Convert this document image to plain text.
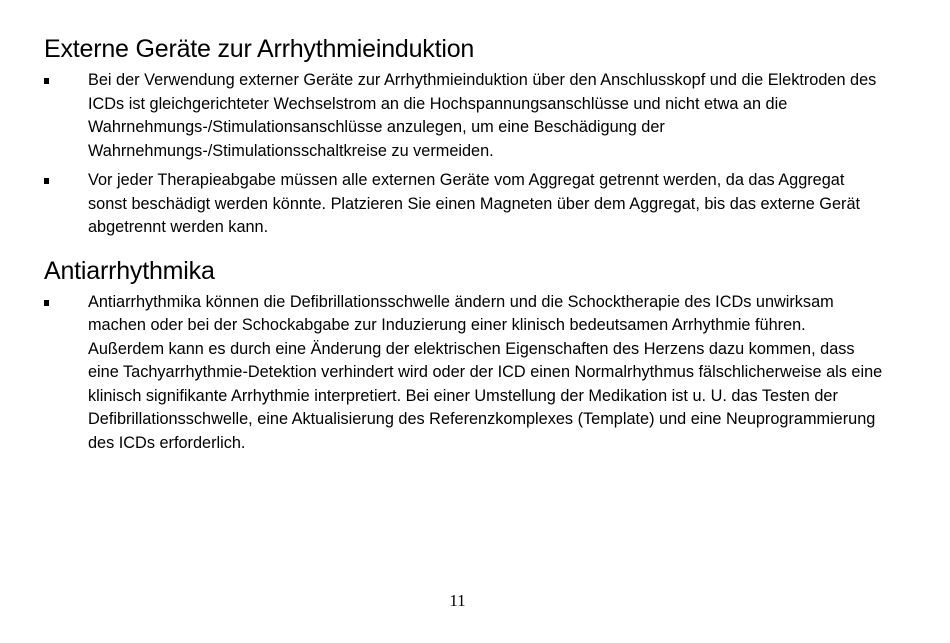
Externe Geräte zur Arrhythmieinduktion
Bei der Verwendung externer Geräte zur Arrhythmieinduktion über den Anschlusskopf und die Elektroden des ICDs ist gleichgerichteter Wechselstrom an die Hochspannungsanschlüsse und nicht etwa an die Wahrnehmungs-/Stimulationsanschlüsse anzulegen, um eine Beschädigung der Wahrnehmungs-/Stimulationsschaltkreise zu vermeiden.
Vor jeder Therapieabgabe müssen alle externen Geräte vom Aggregat getrennt werden, da das Aggregat sonst beschädigt werden könnte. Platzieren Sie einen Magneten über dem Aggregat, bis das externe Gerät abgetrennt werden kann.
Antiarrhythmika
Antiarrhythmika können die Defibrillationsschwelle ändern und die Schocktherapie des ICDs unwirksam machen oder bei der Schockabgabe zur Induzierung einer klinisch bedeutsamen Arrhythmie führen. Außerdem kann es durch eine Änderung der elektrischen Eigenschaften des Herzens dazu kommen, dass eine Tachyarrhythmie-Detektion verhindert wird oder der ICD einen Normalrhythmus fälschlicherweise als eine klinisch signifikante Arrhythmie interpretiert. Bei einer Umstellung der Medikation ist u. U. das Testen der Defibrillationsschwelle, eine Aktualisierung des Referenzkomplexes (Template) und eine Neuprogrammierung des ICDs erforderlich.
11
